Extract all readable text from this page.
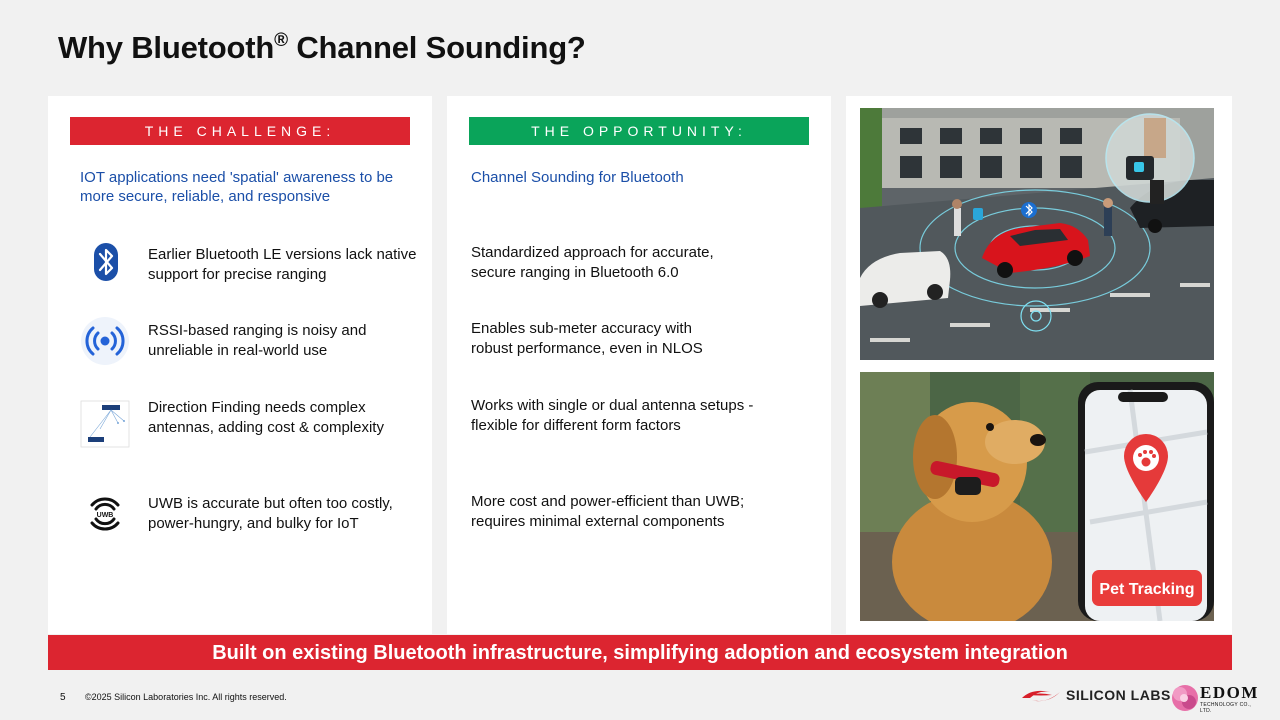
Why Bluetooth® Channel Sounding?
THE CHALLENGE:
IOT applications need 'spatial' awareness to be more secure, reliable, and responsive
Earlier Bluetooth LE versions lack native support for precise ranging
RSSI-based ranging is noisy and unreliable in real-world use
Direction Finding needs complex antennas, adding cost & complexity
UWB
UWB is accurate but often too costly, power-hungry, and bulky for IoT
THE OPPORTUNITY:
Channel Sounding for Bluetooth
Standardized approach for accurate, secure ranging in Bluetooth 6.0
Enables sub-meter accuracy with robust performance, even in NLOS
Works with single or dual antenna setups - flexible for different form factors
More cost and power-efficient than UWB; requires minimal external components
Pet Tracking
Built on existing Bluetooth infrastructure, simplifying adoption and ecosystem integration
5 ©2025 Silicon Laboratories Inc. All rights reserved.	SILICON LABS EDOM
TECHNOLOGY CO., LTD.
